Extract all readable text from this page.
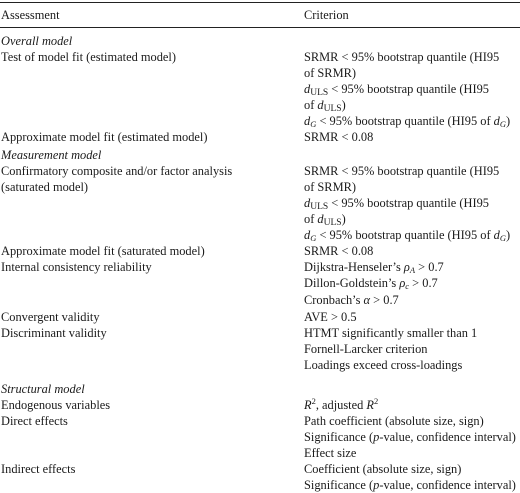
Assessment	Criterion
Overall model
Test of model fit (estimated model)	SRMR < 95% bootstrap quantile (HI95
of SRMR)
$d_{ULS} < 95\%$ bootstrap quantile (HI95
of $d_{ULS}$)
$d_G < 95\%$ bootstrap quantile (HI95 of $d_G$)
Approximate model fit (estimated model)	SRMR < 0.08
Measurement model
Confirmatory composite and/or factor analysis	SRMR < 95% bootstrap quantile (HI95
(saturated model)	of SRMR)
$d_{ULS} < 95\%$ bootstrap quantile (HI95
of $d_{ULS}$)
$d_G < 95\%$ bootstrap quantile (HI95 of $d_G$)
Approximate model fit (saturated model)	SRMR < 0.08
Internal consistency reliability	Dijkstra-Henseler’s $\rho_A > 0.7$
Dillon-Goldstein’s $\rho_c > 0.7$
Cronbach’s α > 0.7
Convergent validity	AVE > 0.5
Discriminant validity	HTMT significantly smaller than 1
Fornell-Larcker criterion
Loadings exceed cross-loadings
Structural model
Endogenous variables	$R^2$, adjusted $R^2$
Direct effects	Path coefficient (absolute size, sign)
Significance (p-value, confidence interval)
Effect size
Indirect effects	Coefficient (absolute size, sign)
Significance (p-value, confidence interval)
